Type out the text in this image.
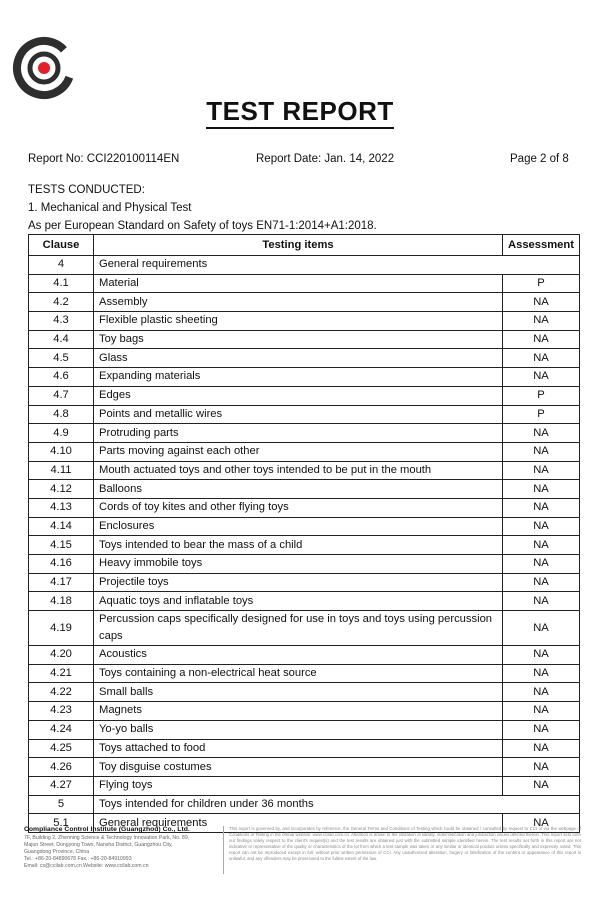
TEST REPORT
Report No: CCI220100114EN	Report Date: Jan. 14, 2022	Page 2 of 8
TESTS CONDUCTED:
1. Mechanical and Physical Test
As per European Standard on Safety of toys EN71-1:2014+A1:2018.
Clause	Testing items	Assessment
4	General requirements	
4.1	Material	P
4.2	Assembly	NA
4.3	Flexible plastic sheeting	NA
4.4	Toy bags	NA
4.5	Glass	NA
4.6	Expanding materials	NA
4.7	Edges	P
4.8	Points and metallic wires	P
4.9	Protruding parts	NA
4.10	Parts moving against each other	NA
4.11	Mouth actuated toys and other toys intended to be put in the mouth	NA
4.12	Balloons	NA
4.13	Cords of toy kites and other flying toys	NA
4.14	Enclosures	NA
4.15	Toys intended to bear the mass of a child	NA
4.16	Heavy immobile toys	NA
4.17	Projectile toys	NA
4.18	Aquatic toys and inflatable toys	NA
4.19	Percussion caps specifically designed for use in toys and toys using percussion caps	NA
4.20	Acoustics	NA
4.21	Toys containing a non-electrical heat source	NA
4.22	Small balls	NA
4.23	Magnets	NA
4.24	Yo-yo balls	NA
4.25	Toys attached to food	NA
4.26	Toy disguise costumes	NA
4.27	Flying toys	NA
5	Toys intended for children under 36 months	
5.1	General requirements	NA
Compliance Control Institute (Guangzhou) Co., Ltd.
7F, Building 2, Zhenning Science & Technology Innovation Park, No. 89,
Majun Street, Dongyong Town, Nansha District, Guangzhou City,
Guangdong Province, China
Tel.: +86-20-84890678 Fax.: +86-20-84910993
Email: cs@ccilab.com.cn Website: www.ccilab.com.cn
This report is governed by, and incorporates by reference, the General Terms and Conditions of Testing which could be obtained / consulted by request to CCI or via the webpage of Conditions of Testing in the official website: www.ccilab.com.cn. Attention is drawn to the limitation of liability, indemnification and jurisdiction issues defined therein. This report sets forth our findings solely respect to the client's request(s) and the test results are obtained just with the submitted sample identified herein. The test results set forth in this report are not indicative or representative of the quality or characteristics of the lot from which a test sample was taken or any similar or identical product unless specifically and expressly noted. This report can not be reproduced except in full, without prior written permission of CCI. Any unauthorized alteration, forgery or falsification of the content or appearance of this report is unlawful, and any offenders may be prosecuted to the fullest extent of the law.
